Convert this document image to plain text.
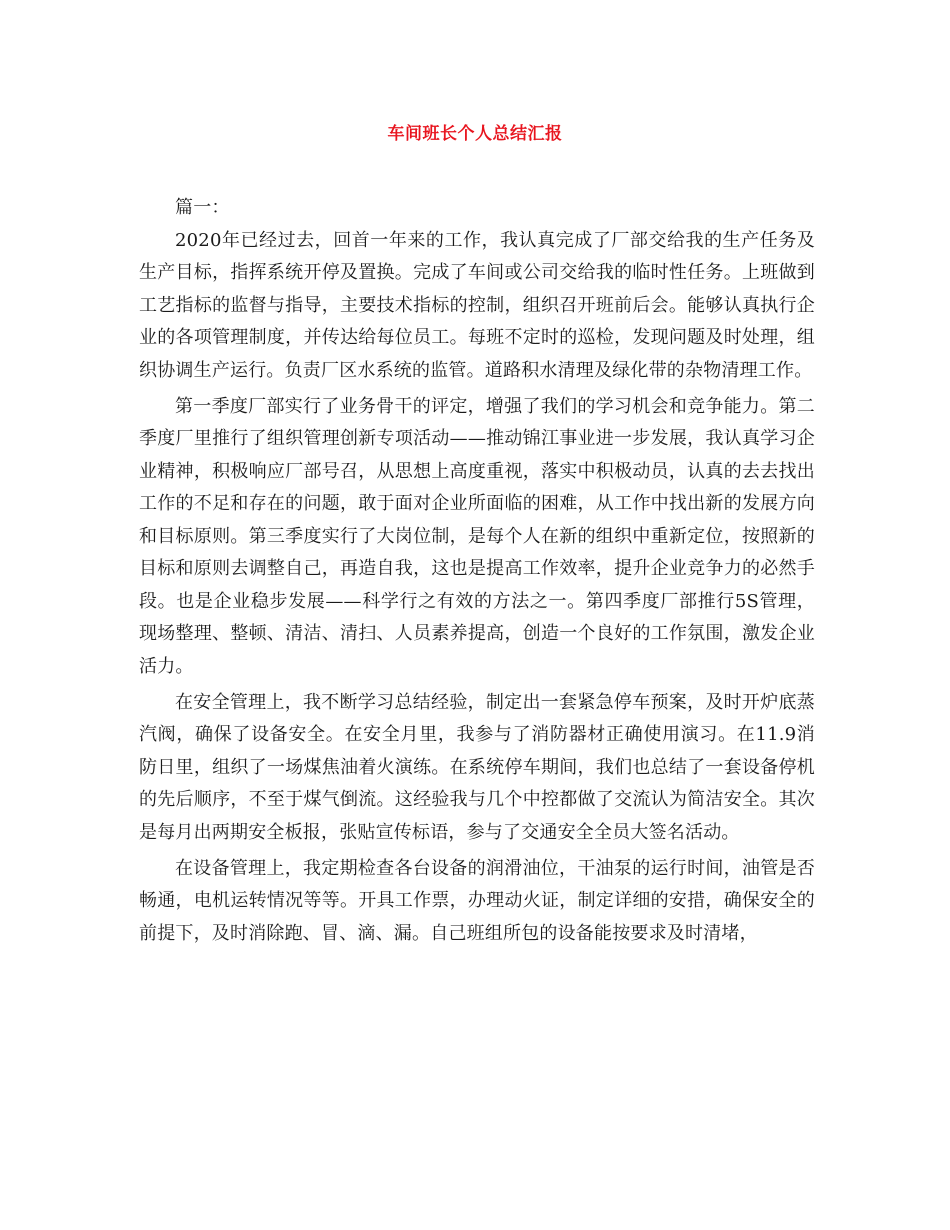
车间班长个人总结汇报

篇一：

2020年已经过去，回首一年来的工作，我认真完成了厂部交给我的生产任务及生产目标，指挥系统开停及置换。完成了车间或公司交给我的临时性任务。上班做到工艺指标的监督与指导，主要技术指标的控制，组织召开班前后会。能够认真执行企业的各项管理制度，并传达给每位员工。每班不定时的巡检，发现问题及时处理，组织协调生产运行。负责厂区水系统的监管。道路积水清理及绿化带的杂物清理工作。

第一季度厂部实行了业务骨干的评定，增强了我们的学习机会和竞争能力。第二季度厂里推行了组织管理创新专项活动——推动锦江事业进一步发展，我认真学习企业精神，积极响应厂部号召，从思想上高度重视，落实中积极动员，认真的去去找出工作的不足和存在的问题，敢于面对企业所面临的困难，从工作中找出新的发展方向和目标原则。第三季度实行了大岗位制，是每个人在新的组织中重新定位，按照新的目标和原则去调整自己，再造自我，这也是提高工作效率，提升企业竞争力的必然手段。也是企业稳步发展——科学行之有效的方法之一。第四季度厂部推行5S管理，现场整理、整顿、清洁、清扫、人员素养提高，创造一个良好的工作氛围，激发企业活力。

在安全管理上，我不断学习总结经验，制定出一套紧急停车预案，及时开炉底蒸汽阀，确保了设备安全。在安全月里，我参与了消防器材正确使用演习。在11.9消防日里，组织了一场煤焦油着火演练。在系统停车期间，我们也总结了一套设备停机的先后顺序，不至于煤气倒流。这经验我与几个中控都做了交流认为简洁安全。其次是每月出两期安全板报，张贴宣传标语，参与了交通安全全员大签名活动。

在设备管理上，我定期检查各台设备的润滑油位，干油泵的运行时间，油管是否畅通，电机运转情况等等。开具工作票，办理动火证，制定详细的安措，确保安全的前提下，及时消除跑、冒、滴、漏。自己班组所包的设备能按要求及时清堵，
